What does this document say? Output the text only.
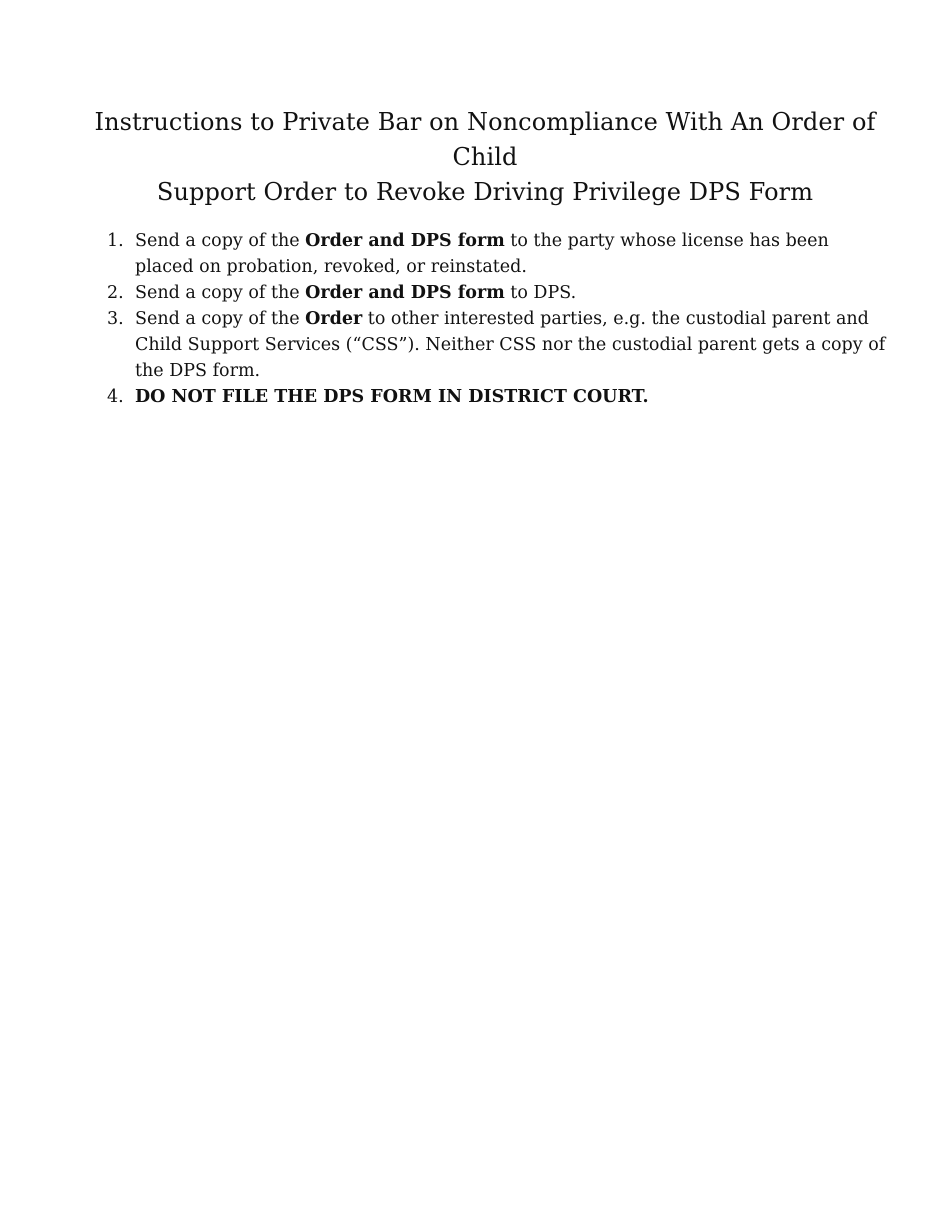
Instructions to Private Bar on Noncompliance With An Order of Child
Support Order to Revoke Driving Privilege DPS Form
1. Send a copy of the Order and DPS form to the party whose license has been placed on probation, revoked, or reinstated.
2. Send a copy of the Order and DPS form to DPS.
3. Send a copy of the Order to other interested parties, e.g. the custodial parent and Child Support Services (“CSS”). Neither CSS nor the custodial parent gets a copy of the DPS form.
4. DO NOT FILE THE DPS FORM IN DISTRICT COURT.
